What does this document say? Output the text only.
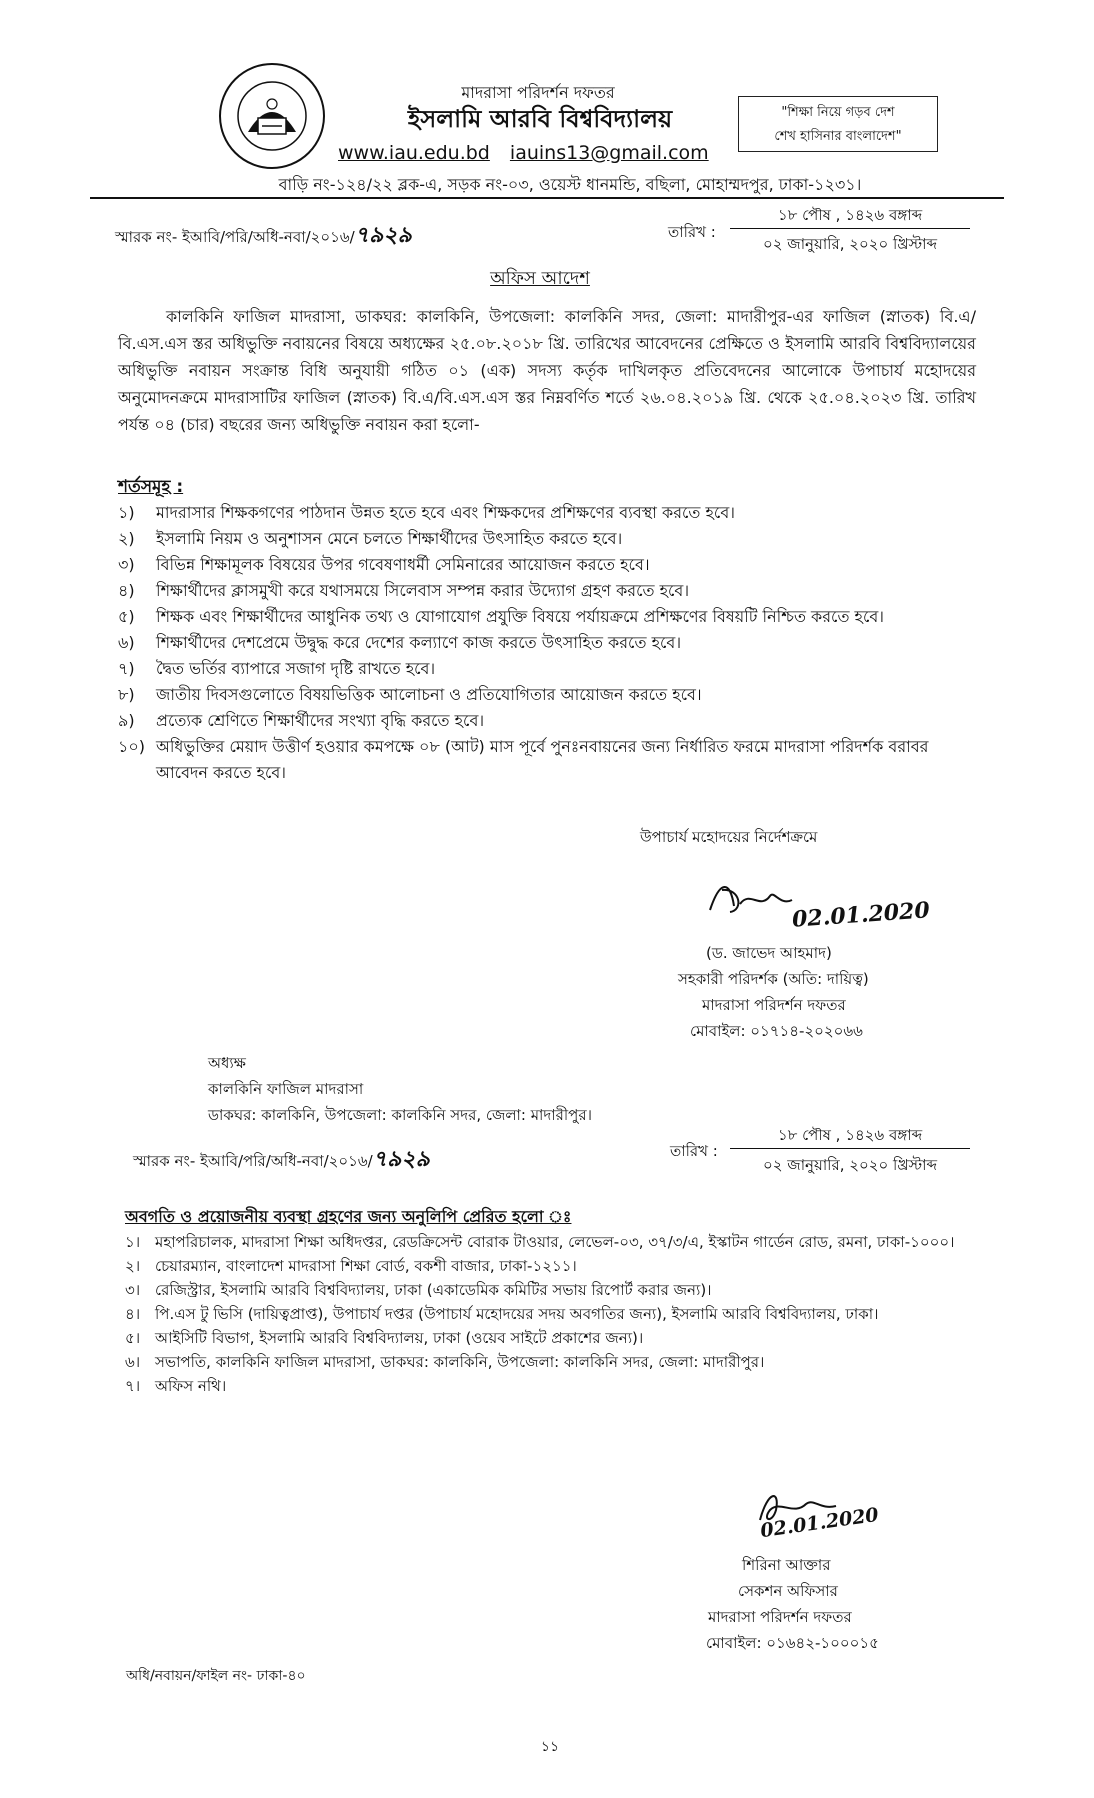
মাদরাসা পরিদর্শন দফতর
ইসলামি আরবি বিশ্ববিদ্যালয়
www.iau.edu.bd iauins13@gmail.com
"শিক্ষা নিয়ে গড়ব দেশ
শেখ হাসিনার বাংলাদেশ"
বাড়ি নং-১২৪/২২ ব্লক-এ, সড়ক নং-০৩, ওয়েস্ট ধানমন্ডি, বছিলা, মোহাম্মদপুর, ঢাকা-১২৩১।
স্মারক নং- ইআবি/পরি/অধি-নবা/২০১৬/৭৯২৯	তারিখ :
১৮ পৌষ , ১৪২৬ বঙ্গাব্দ
০২ জানুয়ারি, ২০২০ খ্রিস্টাব্দ
অফিস আদেশ
কালকিনি ফাজিল মাদরাসা, ডাকঘর: কালকিনি, উপজেলা: কালকিনি সদর, জেলা: মাদারীপুর-এর ফাজিল (স্নাতক) বি.এ/বি.এস.এস স্তর অধিভুক্তি নবায়নের বিষয়ে অধ্যক্ষের ২৫.০৮.২০১৮ খ্রি. তারিখের আবেদনের প্রেক্ষিতে ও ইসলামি আরবি বিশ্ববিদ্যালয়ের অধিভুক্তি নবায়ন সংক্রান্ত বিধি অনুযায়ী গঠিত ০১ (এক) সদস্য কর্তৃক দাখিলকৃত প্রতিবেদনের আলোকে উপাচার্য মহোদয়ের অনুমোদনক্রমে মাদরাসাটির ফাজিল (স্নাতক) বি.এ/বি.এস.এস স্তর নিম্নবর্ণিত শর্তে ২৬.০৪.২০১৯ খ্রি. থেকে ২৫.০৪.২০২৩ খ্রি. তারিখ পর্যন্ত ০৪ (চার) বছরের জন্য অধিভুক্তি নবায়ন করা হলো-
শর্তসমূহ :
১)	মাদরাসার শিক্ষকগণের পাঠদান উন্নত হতে হবে এবং শিক্ষকদের প্রশিক্ষণের ব্যবস্থা করতে হবে।
২)	ইসলামি নিয়ম ও অনুশাসন মেনে চলতে শিক্ষার্থীদের উৎসাহিত করতে হবে।
৩)	বিভিন্ন শিক্ষামূলক বিষয়ের উপর গবেষণাধর্মী সেমিনারের আয়োজন করতে হবে।
৪)	শিক্ষার্থীদের ক্লাসমুখী করে যথাসময়ে সিলেবাস সম্পন্ন করার উদ্যোগ গ্রহণ করতে হবে।
৫)	শিক্ষক এবং শিক্ষার্থীদের আধুনিক তথ্য ও যোগাযোগ প্রযুক্তি বিষয়ে পর্যায়ক্রমে প্রশিক্ষণের বিষয়টি নিশ্চিত করতে হবে।
৬)	শিক্ষার্থীদের দেশপ্রেমে উদ্বুদ্ধ করে দেশের কল্যাণে কাজ করতে উৎসাহিত করতে হবে।
৭)	দ্বৈত ভর্তির ব্যাপারে সজাগ দৃষ্টি রাখতে হবে।
৮)	জাতীয় দিবসগুলোতে বিষয়ভিত্তিক আলোচনা ও প্রতিযোগিতার আয়োজন করতে হবে।
৯)	প্রত্যেক শ্রেণিতে শিক্ষার্থীদের সংখ্যা বৃদ্ধি করতে হবে।
১০) অধিভুক্তির মেয়াদ উত্তীর্ণ হওয়ার কমপক্ষে ০৮ (আট) মাস পূর্বে পুনঃনবায়নের জন্য নির্ধারিত ফরমে মাদরাসা পরিদর্শক বরাবর আবেদন করতে হবে।
উপাচার্য মহোদয়ের নির্দেশক্রমে
02.01.2020
(ড. জাভেদ আহমাদ)
সহকারী পরিদর্শক (অতি: দায়িত্ব)
মাদরাসা পরিদর্শন দফতর
মোবাইল: ০১৭১৪-২০২০৬৬
অধ্যক্ষ
কালকিনি ফাজিল মাদরাসা
ডাকঘর: কালকিনি, উপজেলা: কালকিনি সদর, জেলা: মাদারীপুর।
স্মারক নং- ইআবি/পরি/অধি-নবা/২০১৬/৭৯২৯	তারিখ :
১৮ পৌষ , ১৪২৬ বঙ্গাব্দ
০২ জানুয়ারি, ২০২০ খ্রিস্টাব্দ
অবগতি ও প্রয়োজনীয় ব্যবস্থা গ্রহণের জন্য অনুলিপি প্রেরিত হলো ঃ
১। মহাপরিচালক, মাদরাসা শিক্ষা অধিদপ্তর, রেডক্রিসেন্ট বোরাক টাওয়ার, লেভেল-০৩, ৩৭/৩/এ, ইস্কাটন গার্ডেন রোড, রমনা, ঢাকা-১০০০।
২। চেয়ারম্যান, বাংলাদেশ মাদরাসা শিক্ষা বোর্ড, বকশী বাজার, ঢাকা-১২১১।
৩। রেজিস্ট্রার, ইসলামি আরবি বিশ্ববিদ্যালয়, ঢাকা (একাডেমিক কমিটির সভায় রিপোর্ট করার জন্য)।
৪। পি.এস টু ভিসি (দায়িত্বপ্রাপ্ত), উপাচার্য দপ্তর (উপাচার্য মহোদয়ের সদয় অবগতির জন্য), ইসলামি আরবি বিশ্ববিদ্যালয়, ঢাকা।
৫। আইসিটি বিভাগ, ইসলামি আরবি বিশ্ববিদ্যালয়, ঢাকা (ওয়েব সাইটে প্রকাশের জন্য)।
৬। সভাপতি, কালকিনি ফাজিল মাদরাসা, ডাকঘর: কালকিনি, উপজেলা: কালকিনি সদর, জেলা: মাদারীপুর।
৭। অফিস নথি।
02.01.2020
শিরিনা আক্তার
সেকশন অফিসার
মাদরাসা পরিদর্শন দফতর
মোবাইল: ০১৬৪২-১০০০১৫
অধি/নবায়ন/ফাইল নং- ঢাকা-৪০
১১
